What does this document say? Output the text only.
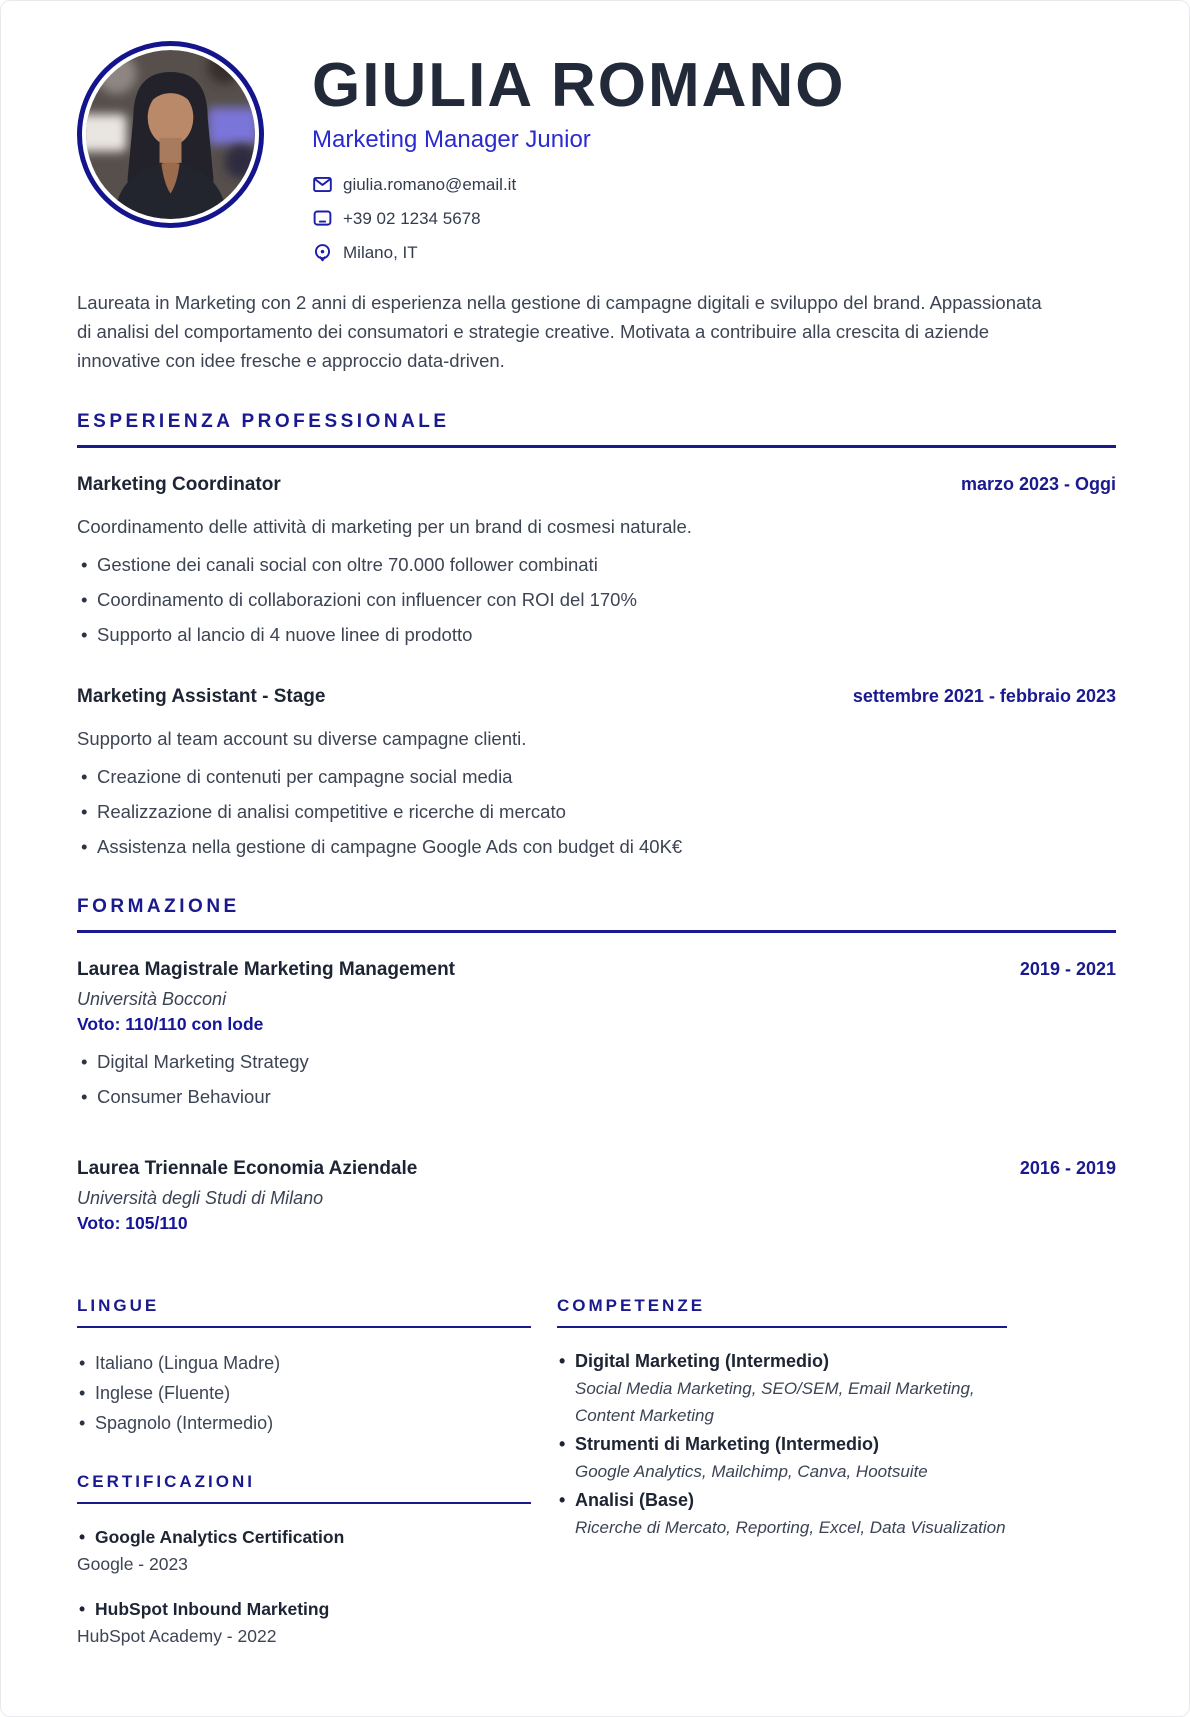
GIULIA ROMANO
Marketing Manager Junior
giulia.romano@email.it
+39 02 1234 5678
Milano, IT

Laureata in Marketing con 2 anni di esperienza nella gestione di campagne digitali e sviluppo del brand. Appassionata di analisi del comportamento dei consumatori e strategie creative. Motivata a contribuire alla crescita di aziende innovative con idee fresche e approccio data-driven.

ESPERIENZA PROFESSIONALE
Marketing Coordinator	marzo 2023 - Oggi

Coordinamento delle attività di marketing per un brand di cosmesi naturale.

• Gestione dei canali social con oltre 70.000 follower combinati
• Coordinamento di collaborazioni con influencer con ROI del 170%
• Supporto al lancio di 4 nuove linee di prodotto
Marketing Assistant - Stage	settembre 2021 - febbraio 2023

Supporto al team account su diverse campagne clienti.

• Creazione di contenuti per campagne social media
• Realizzazione di analisi competitive e ricerche di mercato
• Assistenza nella gestione di campagne Google Ads con budget di 40K€
FORMAZIONE
Laurea Magistrale Marketing Management	2019 - 2021
Università Bocconi
Voto: 110/110 con lode
• Digital Marketing Strategy
• Consumer Behaviour
Laurea Triennale Economia Aziendale	2016 - 2019
Università degli Studi di Milano
Voto: 105/110
LINGUE
• Italiano (Lingua Madre)
• Inglese (Fluente)
• Spagnolo (Intermedio)
CERTIFICAZIONI
• Google Analytics Certification
Google - 2023
• HubSpot Inbound Marketing
HubSpot Academy - 2022
COMPETENZE
• Digital Marketing (Intermedio)
Social Media Marketing, SEO/SEM, Email Marketing, Content Marketing
• Strumenti di Marketing (Intermedio)
Google Analytics, Mailchimp, Canva, Hootsuite
• Analisi (Base)
Ricerche di Mercato, Reporting, Excel, Data Visualization
